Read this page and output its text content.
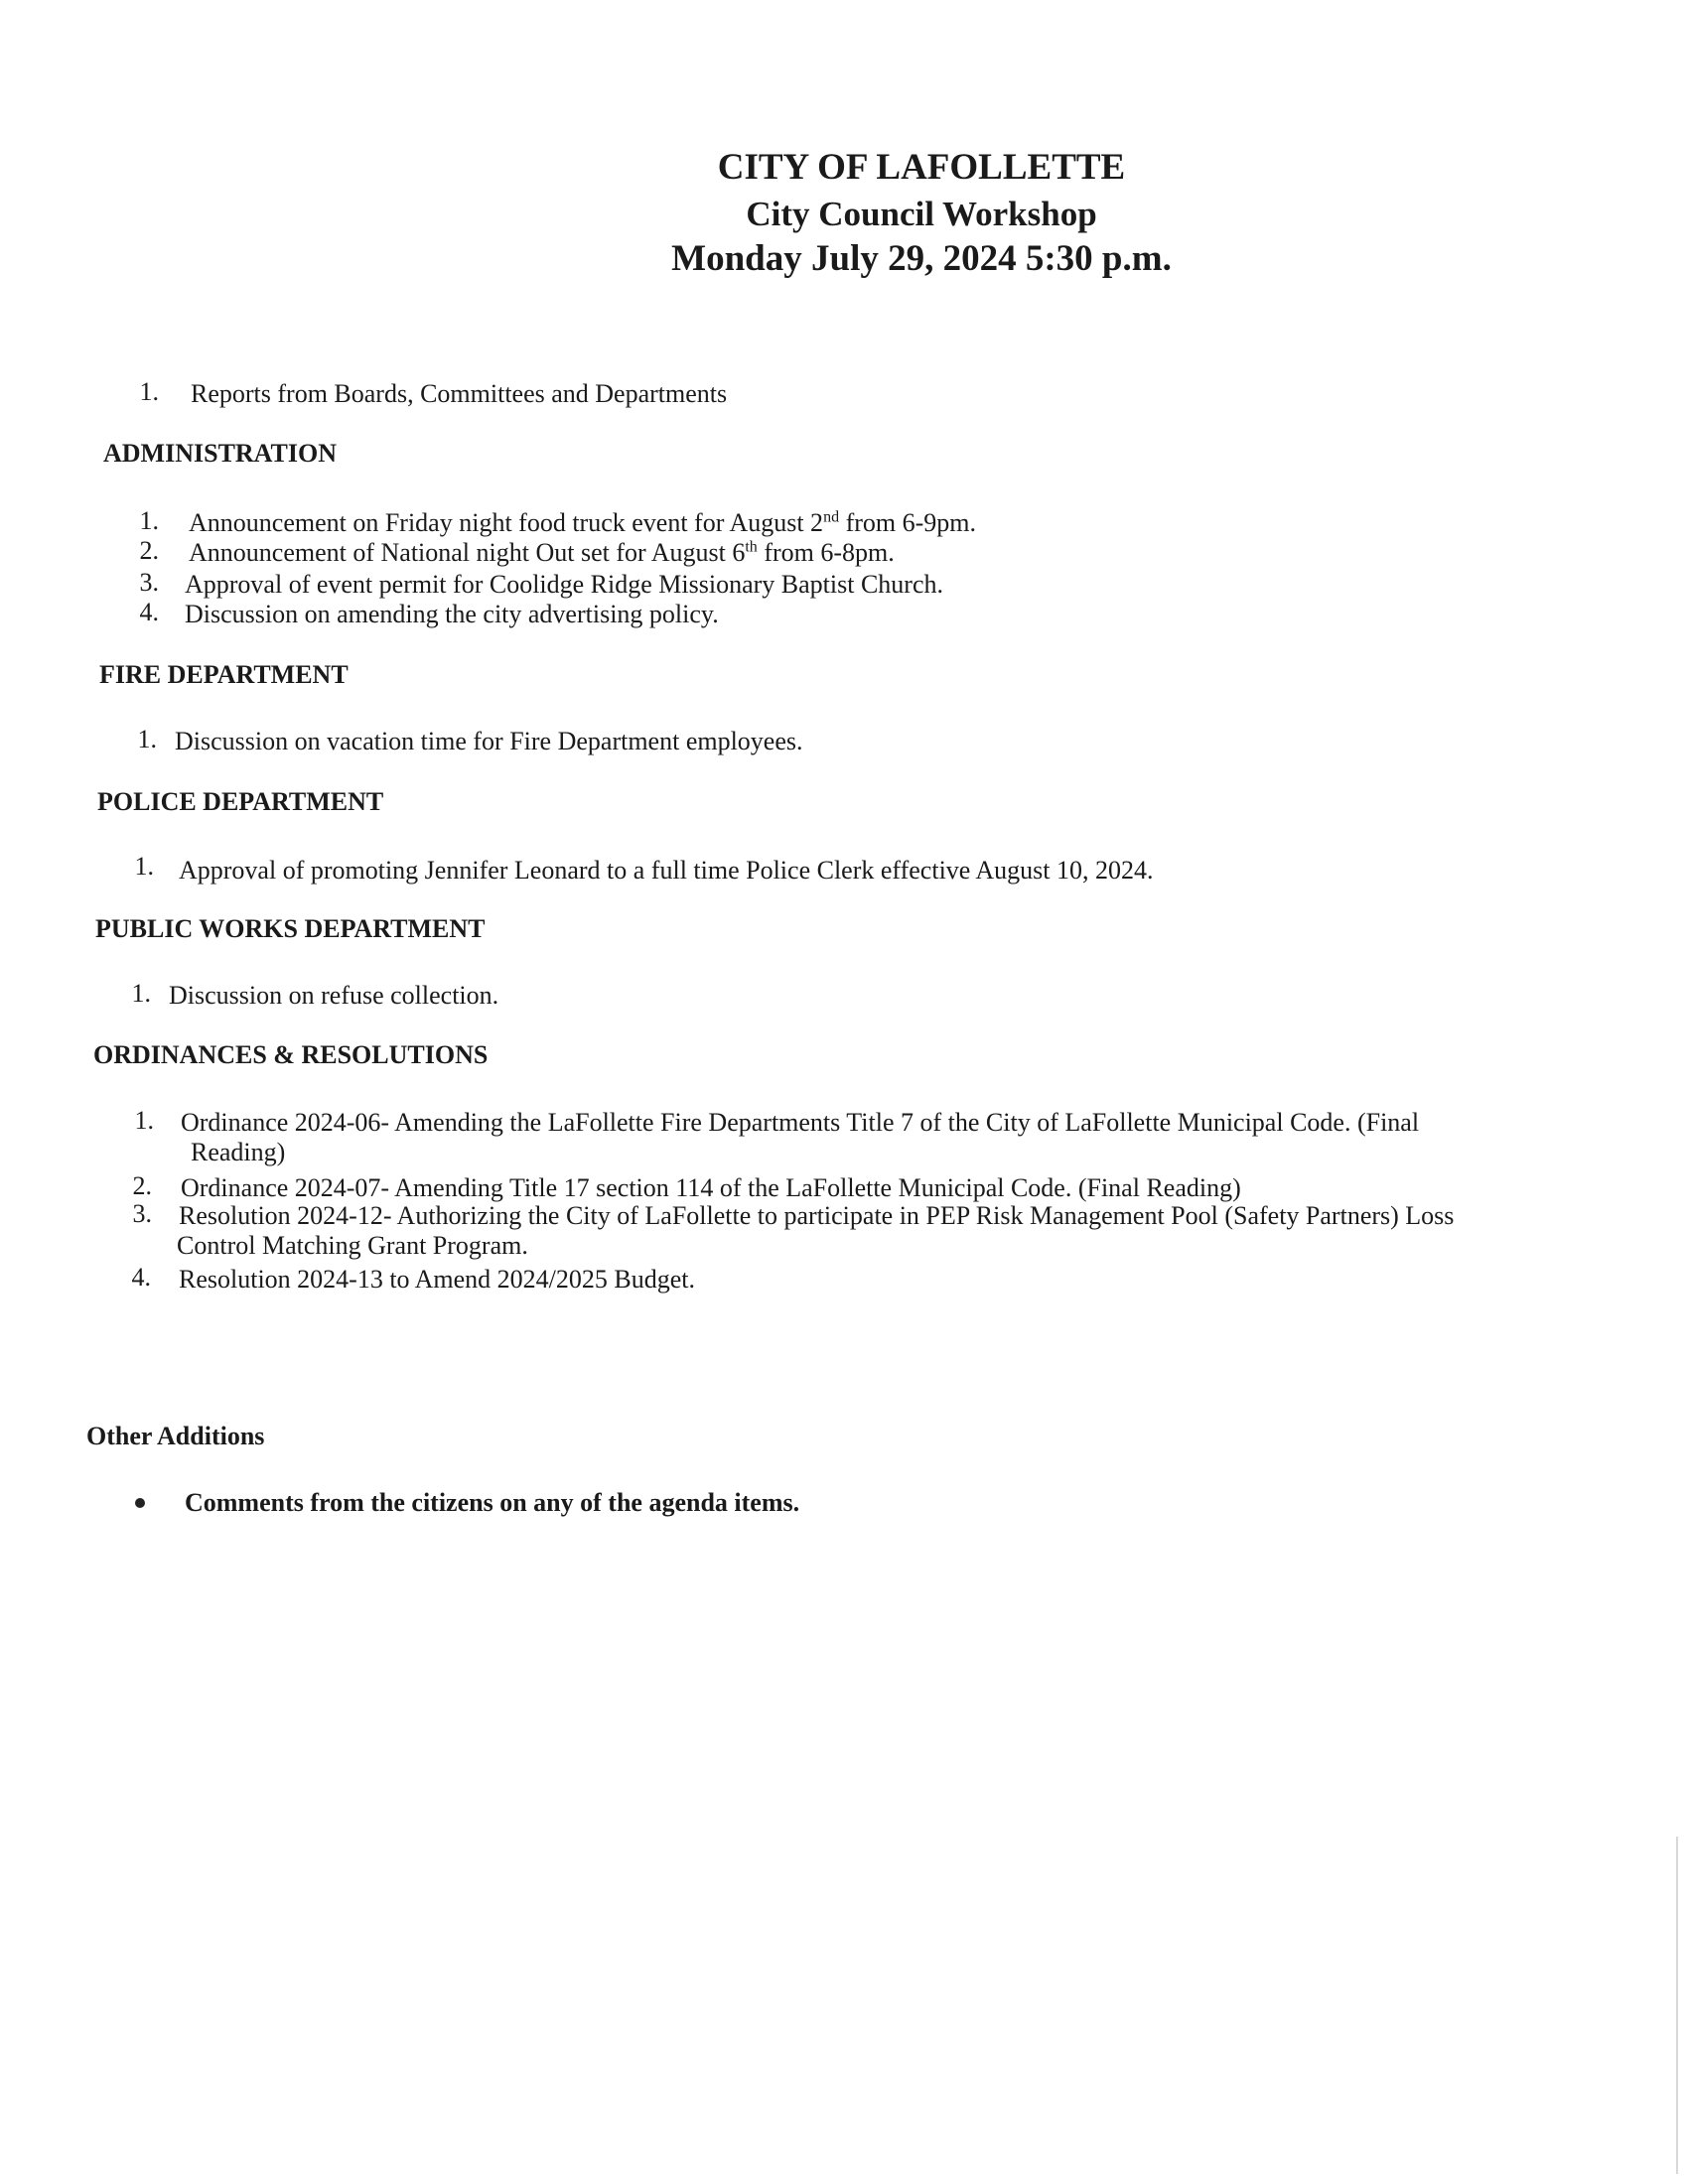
CITY OF LAFOLLETTE
City Council Workshop
Monday July 29, 2024 5:30 p.m.
1. Reports from Boards, Committees and Departments
ADMINISTRATION
1. Announcement on Friday night food truck event for August 2nd from 6-9pm.
2. Announcement of National night Out set for August 6th from 6-8pm.
3. Approval of event permit for Coolidge Ridge Missionary Baptist Church.
4. Discussion on amending the city advertising policy.
FIRE DEPARTMENT
1. Discussion on vacation time for Fire Department employees.
POLICE DEPARTMENT
1. Approval of promoting Jennifer Leonard to a full time Police Clerk effective August 10, 2024.
PUBLIC WORKS DEPARTMENT
1. Discussion on refuse collection.
ORDINANCES & RESOLUTIONS
1. Ordinance 2024-06- Amending the LaFollette Fire Departments Title 7 of the City of LaFollette Municipal Code. (Final
Reading)
2. Ordinance 2024-07- Amending Title 17 section 114 of the LaFollette Municipal Code. (Final Reading)
3. Resolution 2024-12- Authorizing the City of LaFollette to participate in PEP Risk Management Pool (Safety Partners) Loss
Control Matching Grant Program.
4. Resolution 2024-13 to Amend 2024/2025 Budget.
Other Additions
Comments from the citizens on any of the agenda items.
